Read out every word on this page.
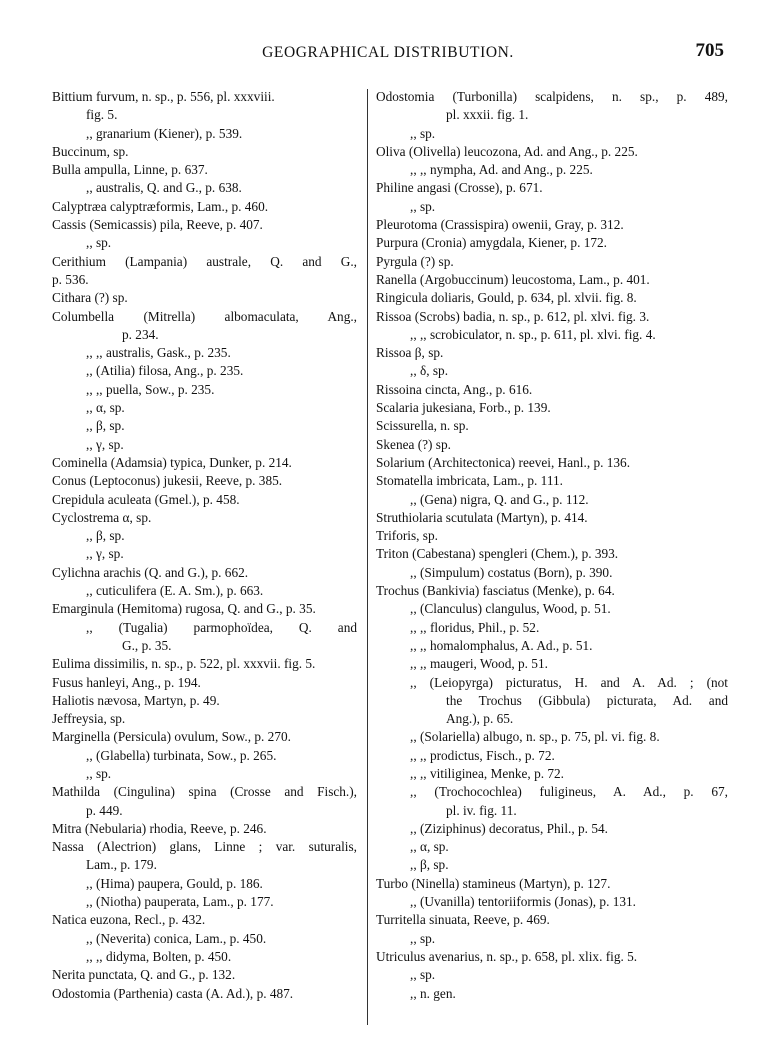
GEOGRAPHICAL DISTRIBUTION.	705
Bittium furvum, n. sp., p. 556, pl. xxxviii.
fig. 5.
,, granarium (Kiener), p. 539.
Buccinum, sp.
Bulla ampulla, Linne, p. 637.
,, australis, Q. and G., p. 638.
Calyptræa calyptræformis, Lam., p. 460.
Cassis (Semicassis) pila, Reeve, p. 407.
,, sp.
Cerithium (Lampania) australe, Q. and G.,
p. 536.
Cithara (?) sp.
Columbella (Mitrella) albomaculata, Ang.,
p. 234.
,, ,, australis, Gask., p. 235.
,, (Atilia) filosa, Ang., p. 235.
,, ,, puella, Sow., p. 235.
,, α, sp.
,, β, sp.
,, γ, sp.
Cominella (Adamsia) typica, Dunker, p. 214.
Conus (Leptoconus) jukesii, Reeve, p. 385.
Crepidula aculeata (Gmel.), p. 458.
Cyclostrema α, sp.
,, β, sp.
,, γ, sp.
Cylichna arachis (Q. and G.), p. 662.
,, cuticulifera (E. A. Sm.), p. 663.
Emarginula (Hemitoma) rugosa, Q. and G., p. 35.
,, (Tugalia) parmophoïdea, Q. and
G., p. 35.
Eulima dissimilis, n. sp., p. 522, pl. xxxvii. fig. 5.
Fusus hanleyi, Ang., p. 194.
Haliotis nævosa, Martyn, p. 49.
Jeffreysia, sp.
Marginella (Persicula) ovulum, Sow., p. 270.
,, (Glabella) turbinata, Sow., p. 265.
,, sp.
Mathilda (Cingulina) spina (Crosse and Fisch.),
p. 449.
Mitra (Nebularia) rhodia, Reeve, p. 246.
Nassa (Alectrion) glans, Linne ; var. suturalis,
Lam., p. 179.
,, (Hima) paupera, Gould, p. 186.
,, (Niotha) pauperata, Lam., p. 177.
Natica euzona, Recl., p. 432.
,, (Neverita) conica, Lam., p. 450.
,, ,, didyma, Bolten, p. 450.
Nerita punctata, Q. and G., p. 132.
Odostomia (Parthenia) casta (A. Ad.), p. 487.
Odostomia (Turbonilla) scalpidens, n. sp., p. 489,
pl. xxxii. fig. 1.
,, sp.
Oliva (Olivella) leucozona, Ad. and Ang., p. 225.
,, ,, nympha, Ad. and Ang., p. 225.
Philine angasi (Crosse), p. 671.
,, sp.
Pleurotoma (Crassispira) owenii, Gray, p. 312.
Purpura (Cronia) amygdala, Kiener, p. 172.
Pyrgula (?) sp.
Ranella (Argobuccinum) leucostoma, Lam., p. 401.
Ringicula doliaris, Gould, p. 634, pl. xlvii. fig. 8.
Rissoa (Scrobs) badia, n. sp., p. 612, pl. xlvi. fig. 3.
,, ,, scrobiculator, n. sp., p. 611, pl. xlvi. fig. 4.
Rissoa β, sp.
,, δ, sp.
Rissoina cincta, Ang., p. 616.
Scalaria jukesiana, Forb., p. 139.
Scissurella, n. sp.
Skenea (?) sp.
Solarium (Architectonica) reevei, Hanl., p. 136.
Stomatella imbricata, Lam., p. 111.
,, (Gena) nigra, Q. and G., p. 112.
Struthiolaria scutulata (Martyn), p. 414.
Triforis, sp.
Triton (Cabestana) spengleri (Chem.), p. 393.
,, (Simpulum) costatus (Born), p. 390.
Trochus (Bankivia) fasciatus (Menke), p. 64.
,, (Clanculus) clangulus, Wood, p. 51.
,, ,, floridus, Phil., p. 52.
,, ,, homalomphalus, A. Ad., p. 51.
,, ,, maugeri, Wood, p. 51.
,, (Leiopyrga) picturatus, H. and A. Ad. ; (not
the Trochus (Gibbula) picturata, Ad. and
Ang.), p. 65.
,, (Solariella) albugo, n. sp., p. 75, pl. vi. fig. 8.
,, ,, prodictus, Fisch., p. 72.
,, ,, vitiliginea, Menke, p. 72.
,, (Trochocochlea) fuligineus, A. Ad., p. 67,
pl. iv. fig. 11.
,, (Ziziphinus) decoratus, Phil., p. 54.
,, α, sp.
,, β, sp.
Turbo (Ninella) stamineus (Martyn), p. 127.
,, (Uvanilla) tentoriiformis (Jonas), p. 131.
Turritella sinuata, Reeve, p. 469.
,, sp.
Utriculus avenarius, n. sp., p. 658, pl. xlix. fig. 5.
,, sp.
,, n. gen.
